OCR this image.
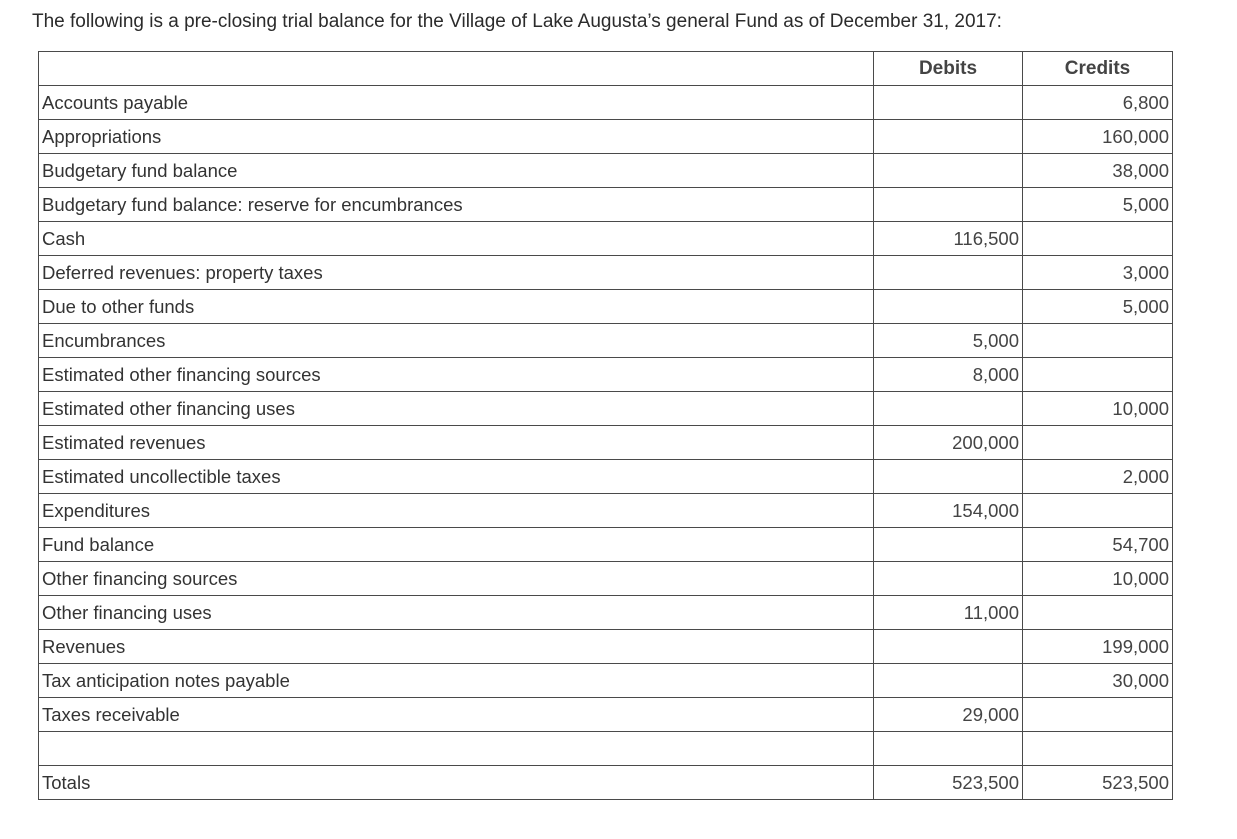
The following is a pre-closing trial balance for the Village of Lake Augusta’s general Fund as of December 31, 2017:

	Debits	Credits
Accounts payable		6,800
Appropriations		160,000
Budgetary fund balance		38,000
Budgetary fund balance: reserve for encumbrances		5,000
Cash	116,500	
Deferred revenues: property taxes		3,000
Due to other funds		5,000
Encumbrances	5,000	
Estimated other financing sources	8,000	
Estimated other financing uses		10,000
Estimated revenues	200,000	
Estimated uncollectible taxes		2,000
Expenditures	154,000	
Fund balance		54,700
Other financing sources		10,000
Other financing uses	11,000	
Revenues		199,000
Tax anticipation notes payable		30,000
Taxes receivable	29,000	

Totals	523,500	523,500
